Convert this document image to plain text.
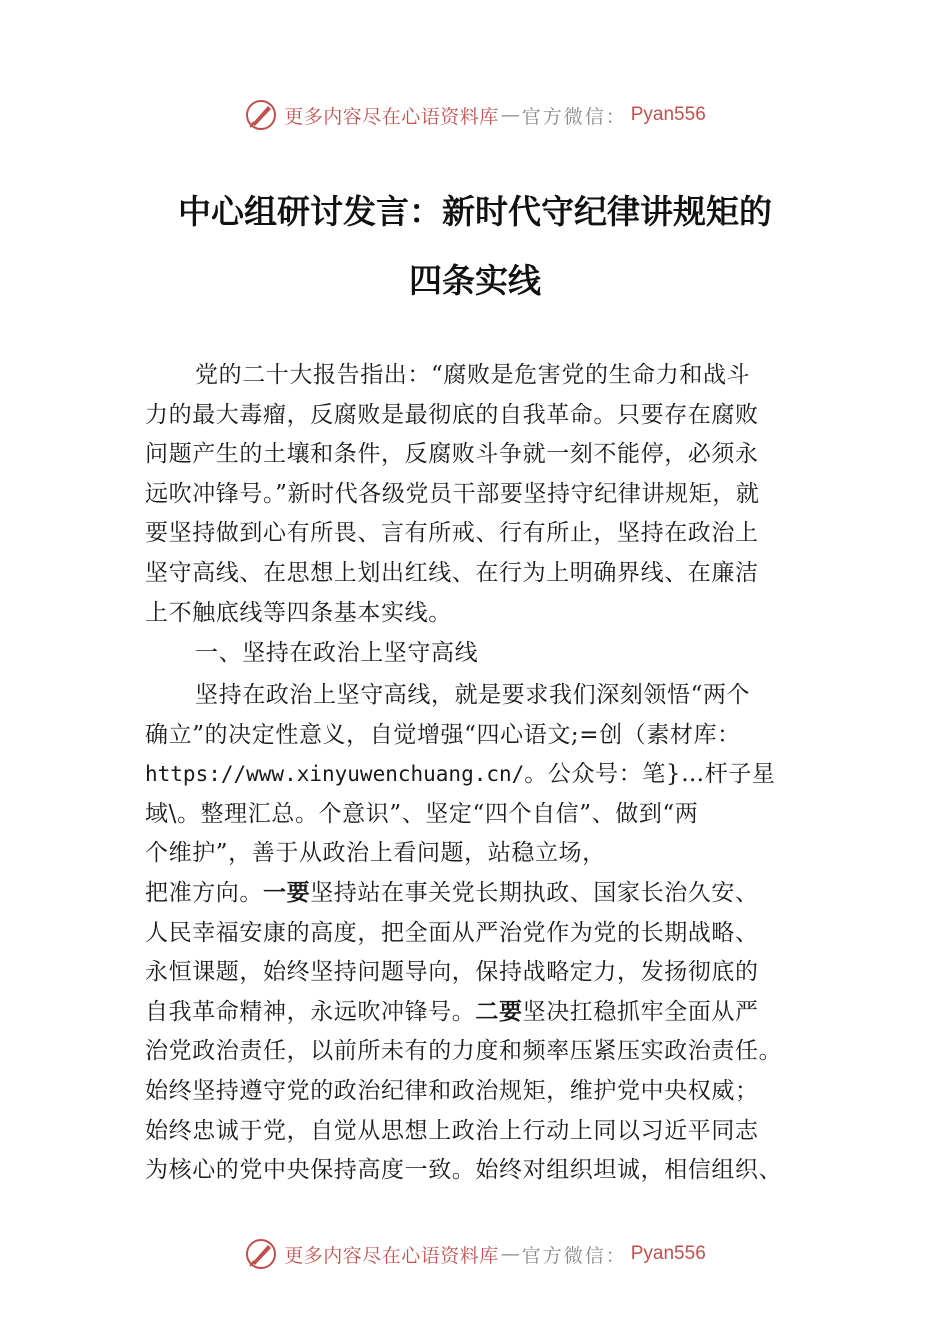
更多内容尽在心语资料库 — 官方微信： Pyan556
中心组研讨发言：新时代守纪律讲规矩的
四条实线
党的二十大报告指出：“腐败是危害党的生命力和战斗
力的最大毒瘤，反腐败是最彻底的自我革命。只要存在腐败
问题产生的土壤和条件，反腐败斗争就一刻不能停，必须永
远吹冲锋号。”新时代各级党员干部要坚持守纪律讲规矩，就
要坚持做到心有所畏、言有所戒、行有所止，坚持在政治上
坚守高线、在思想上划出红线、在行为上明确界线、在廉洁
上不触底线等四条基本实线。
一、坚持在政治上坚守高线
坚持在政治上坚守高线，就是要求我们深刻领悟“两个
确立”的决定性意义，自觉增强“四心语文;=创（素材库：
https://www.xinyuwenchuang.cn/。公众号：笔}…杆子星
域\。整理汇总。个意识”、坚定“四个自信”、做到“两
个维护”，善于从政治上看问题，站稳立场，
把准方向。一要坚持站在事关党长期执政、国家长治久安、
人民幸福安康的高度，把全面从严治党作为党的长期战略、
永恒课题，始终坚持问题导向，保持战略定力，发扬彻底的
自我革命精神，永远吹冲锋号。二要坚决扛稳抓牢全面从严
治党政治责任，以前所未有的力度和频率压紧压实政治责任。
始终坚持遵守党的政治纪律和政治规矩，维护党中央权威；
始终忠诚于党，自觉从思想上政治上行动上同以习近平同志
为核心的党中央保持高度一致。始终对组织坦诚，相信组织、
更多内容尽在心语资料库 — 官方微信： Pyan556
